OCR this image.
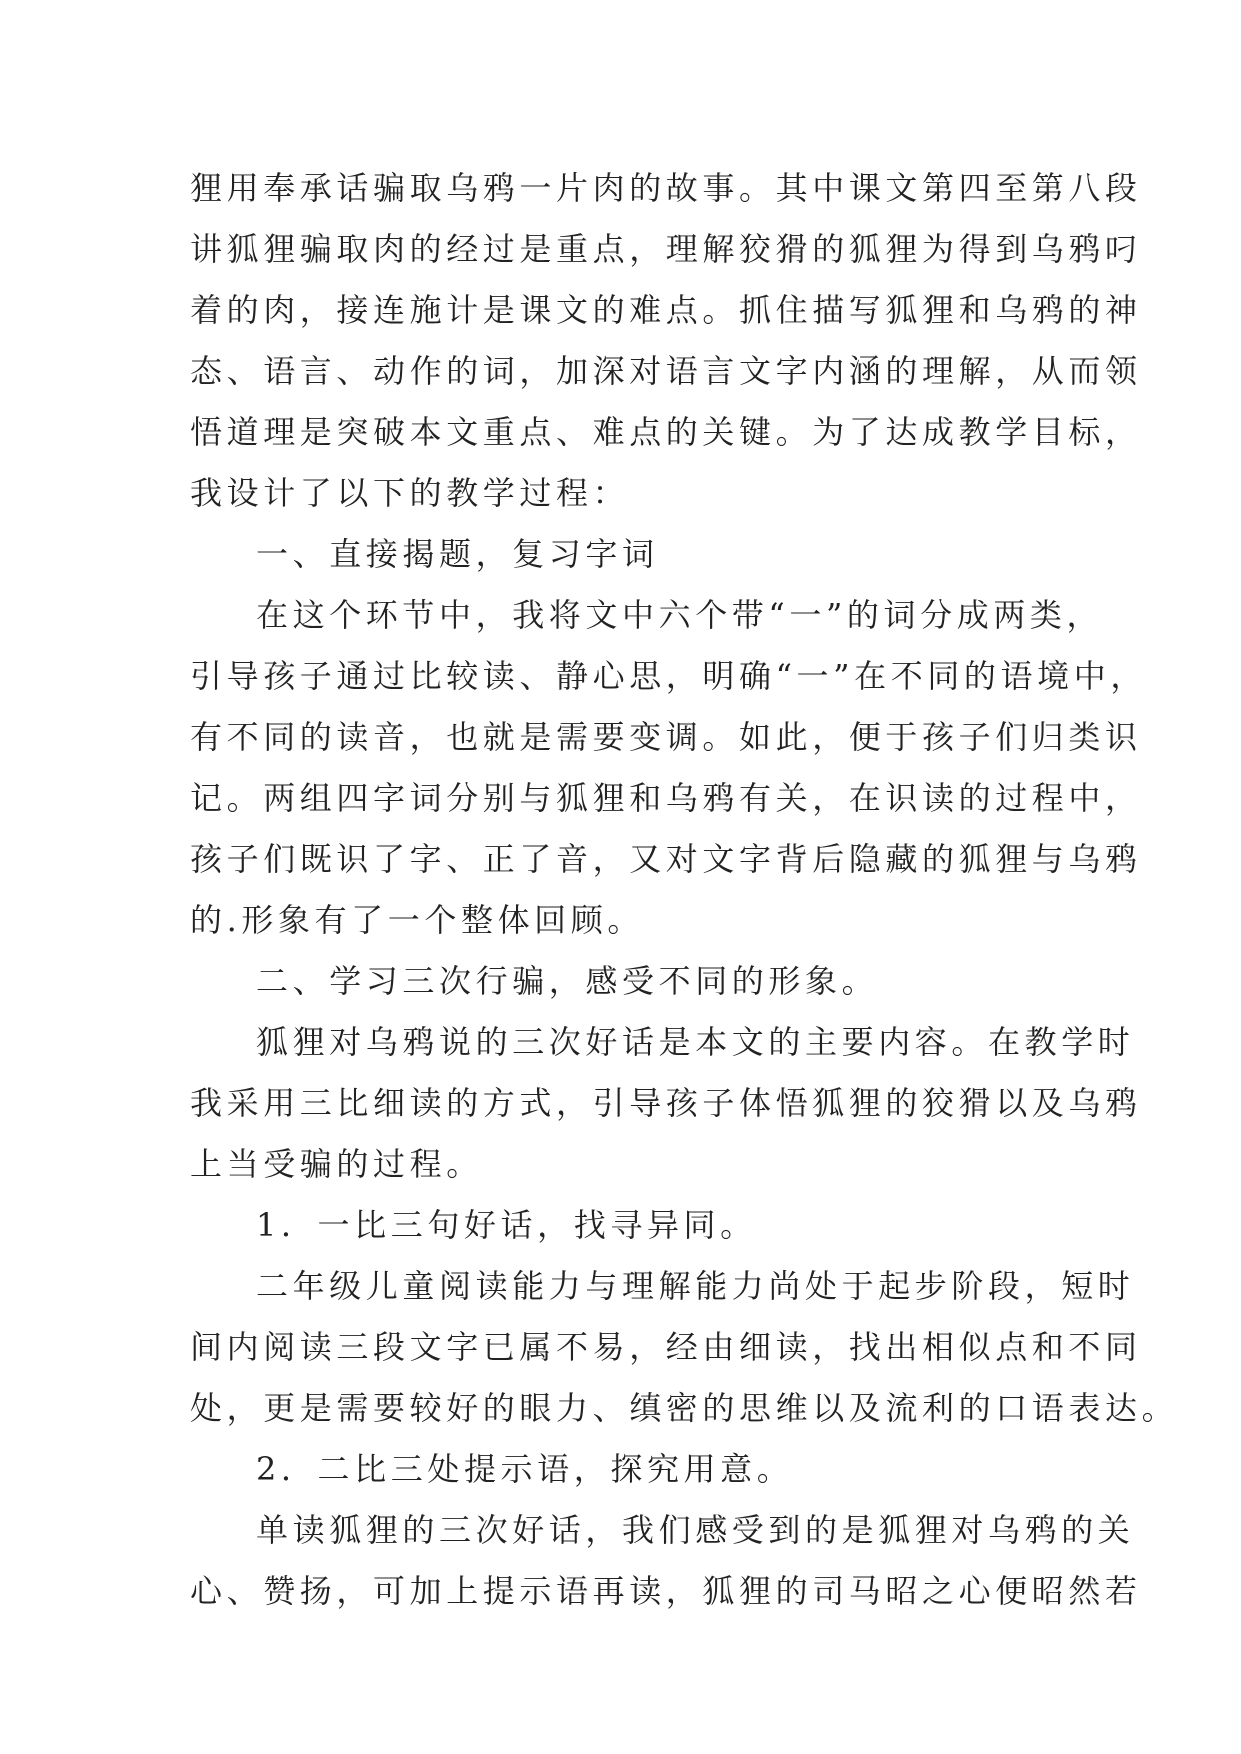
狸用奉承话骗取乌鸦一片肉的故事。其中课文第四至第八段
讲狐狸骗取肉的经过是重点，理解狡猾的狐狸为得到乌鸦叼
着的肉，接连施计是课文的难点。抓住描写狐狸和乌鸦的神
态、语言、动作的词，加深对语言文字内涵的理解，从而领
悟道理是突破本文重点、难点的关键。为了达成教学目标，
我设计了以下的教学过程：
一、直接揭题，复习字词
在这个环节中，我将文中六个带“一”的词分成两类，
引导孩子通过比较读、静心思，明确“一”在不同的语境中，
有不同的读音，也就是需要变调。如此，便于孩子们归类识
记。两组四字词分别与狐狸和乌鸦有关，在识读的过程中，
孩子们既识了字、正了音，又对文字背后隐藏的狐狸与乌鸦
的.形象有了一个整体回顾。
二、学习三次行骗，感受不同的形象。
狐狸对乌鸦说的三次好话是本文的主要内容。在教学时
我采用三比细读的方式，引导孩子体悟狐狸的狡猾以及乌鸦
上当受骗的过程。
1．一比三句好话，找寻异同。
二年级儿童阅读能力与理解能力尚处于起步阶段，短时
间内阅读三段文字已属不易，经由细读，找出相似点和不同
处，更是需要较好的眼力、缜密的思维以及流利的口语表达。
2．二比三处提示语，探究用意。
单读狐狸的三次好话，我们感受到的是狐狸对乌鸦的关
心、赞扬，可加上提示语再读，狐狸的司马昭之心便昭然若
